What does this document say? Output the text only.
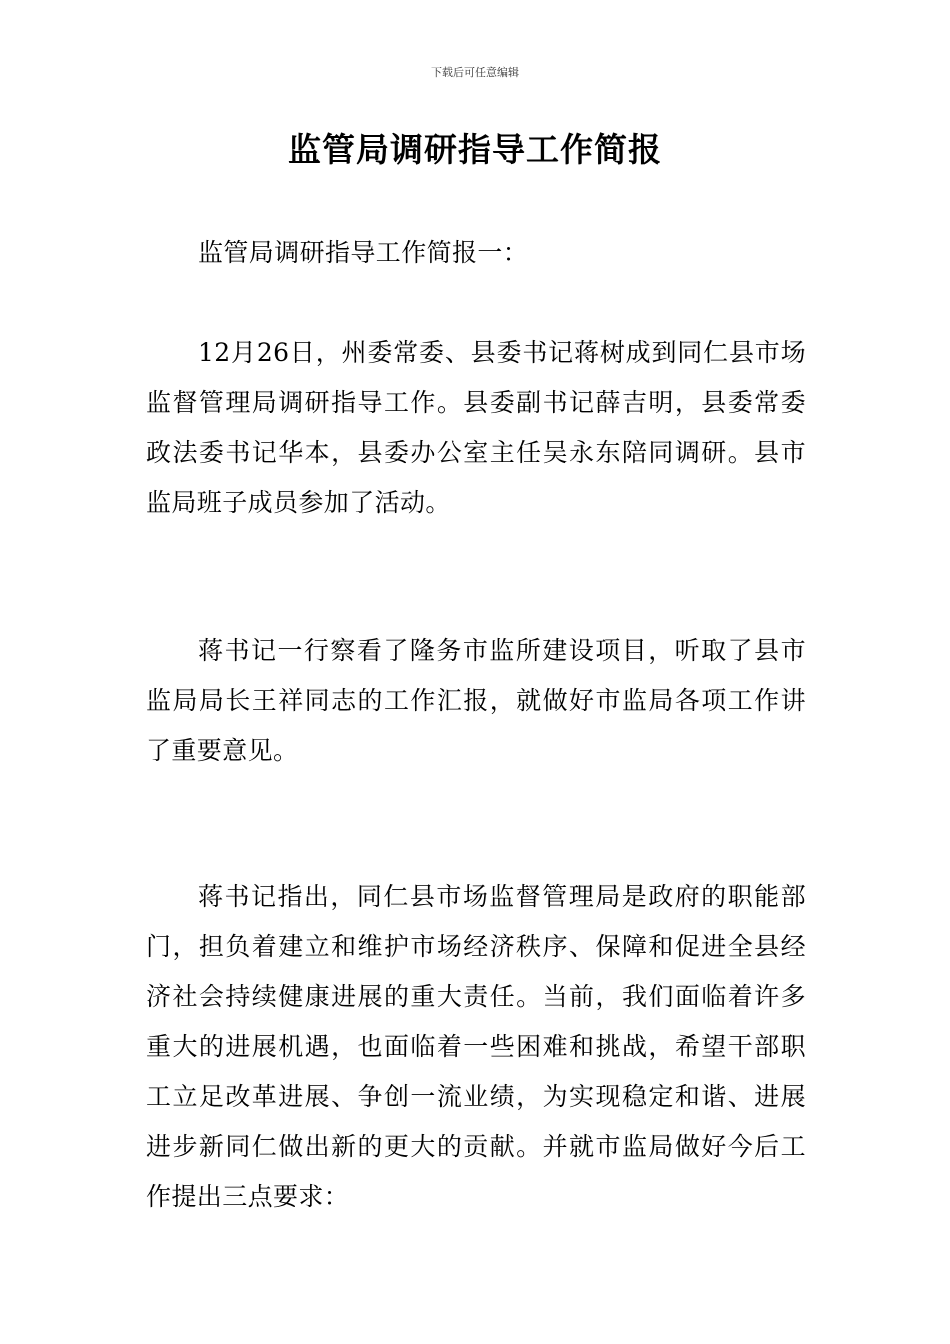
下载后可任意编辑
监管局调研指导工作简报

监管局调研指导工作简报一：

12月26日，州委常委、县委书记蒋树成到同仁县市场监督管理局调研指导工作。县委副书记薛吉明，县委常委政法委书记华本，县委办公室主任吴永东陪同调研。县市监局班子成员参加了活动。

蒋书记一行察看了隆务市监所建设项目，听取了县市监局局长王祥同志的工作汇报，就做好市监局各项工作讲了重要意见。

蒋书记指出，同仁县市场监督管理局是政府的职能部门，担负着建立和维护市场经济秩序、保障和促进全县经济社会持续健康进展的重大责任。当前，我们面临着许多重大的进展机遇，也面临着一些困难和挑战，希望干部职工立足改革进展、争创一流业绩，为实现稳定和谐、进展进步新同仁做出新的更大的贡献。并就市监局做好今后工作提出三点要求：
